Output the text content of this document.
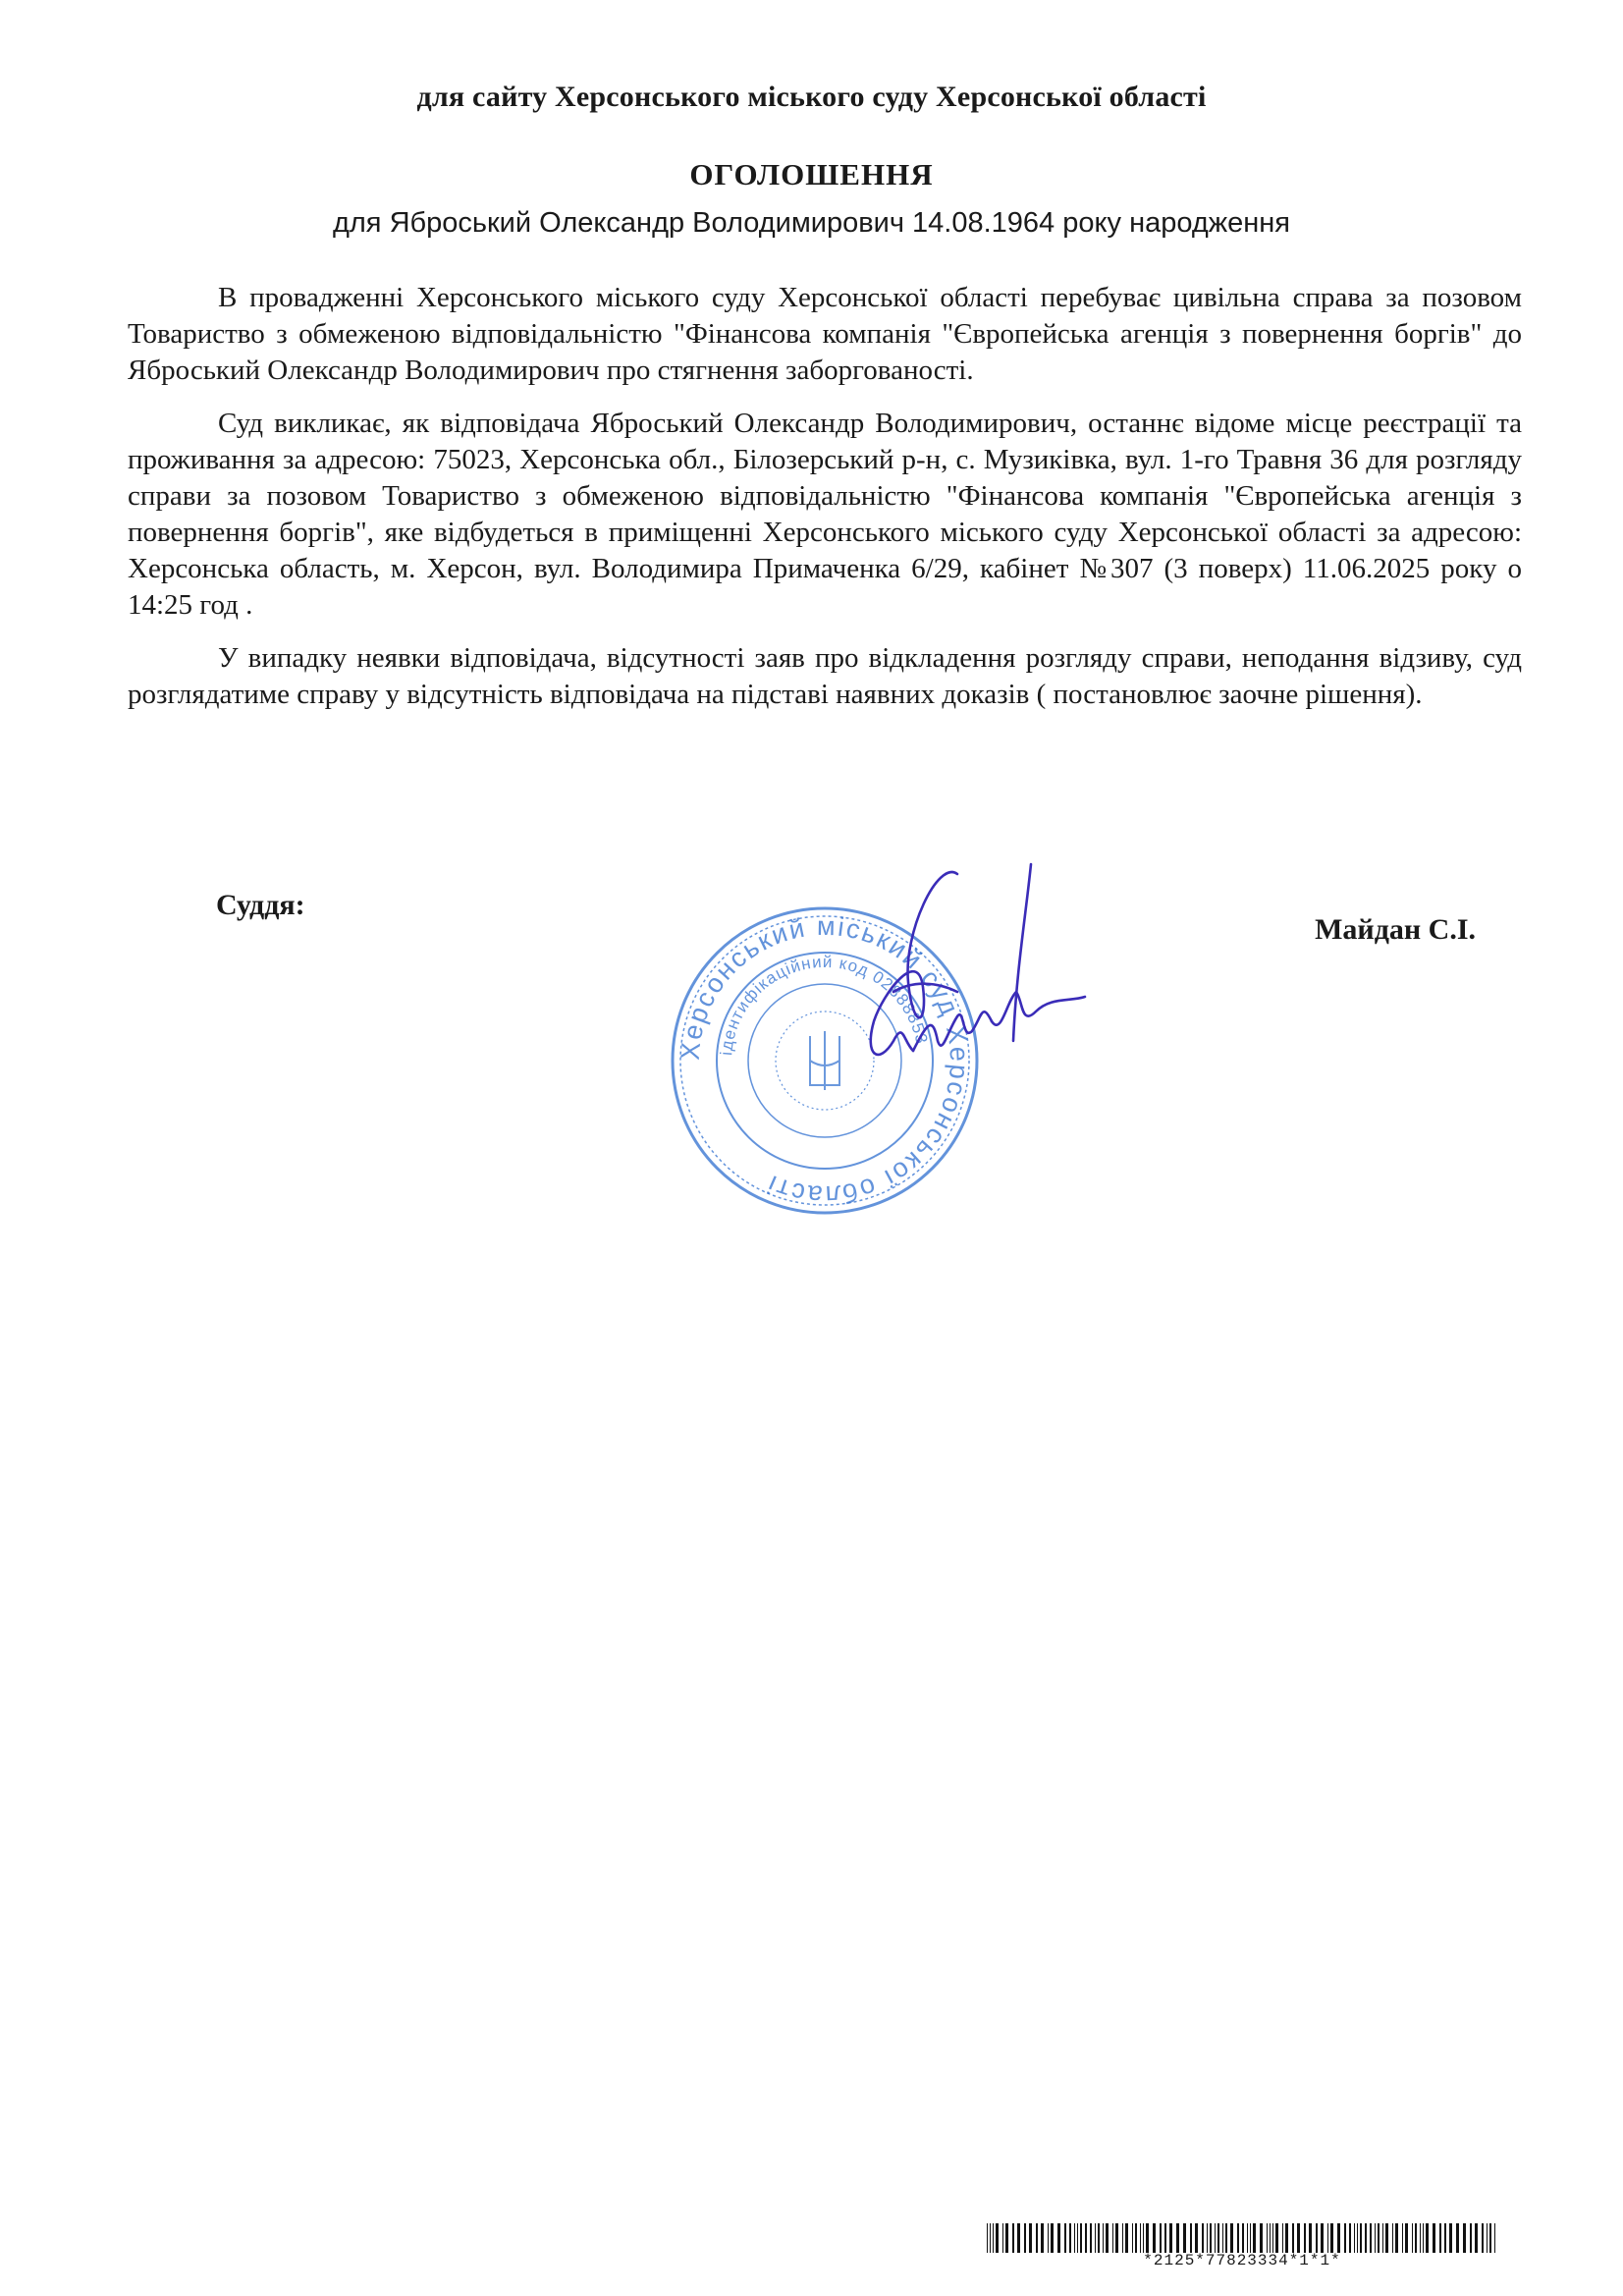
для сайту Херсонського міського суду Херсонської області
ОГОЛОШЕННЯ
для Яброський Олександр Володимирович 14.08.1964 року народження

В провадженні Херсонського міського суду Херсонської області перебуває цивільна справа за позовом Товариство з обмеженою відповідальністю "Фінансова компанія "Європейська агенція з повернення боргів" до Яброський Олександр Володимирович про стягнення заборгованості.

Суд викликає, як відповідача Яброський Олександр Володимирович, останнє відоме місце реєстрації та проживання за адресою: 75023, Херсонська обл., Білозерський р-н, с. Музиківка, вул. 1-го Травня 36 для розгляду справи за позовом Товариство з обмеженою відповідальністю "Фінансова компанія "Європейська агенція з повернення боргів", яке відбудеться в приміщенні Херсонського міського суду Херсонської області за адресою: Херсонська область, м. Херсон, вул. Володимира Примаченка 6/29, кабінет №307 (3 поверх) 11.06.2025 року о 14:25 год .

У випадку неявки відповідача, відсутності заяв про відкладення розгляду справи, неподання відзиву, суд розглядатиме справу у відсутність відповідача на підставі наявних доказів ( постановлює заочне рішення).

Суддя:
Майдан С.І.
Херсонський міський суд Херсонської області
ідентифікаційний код 02888853
*2125*77823334*1*1*
